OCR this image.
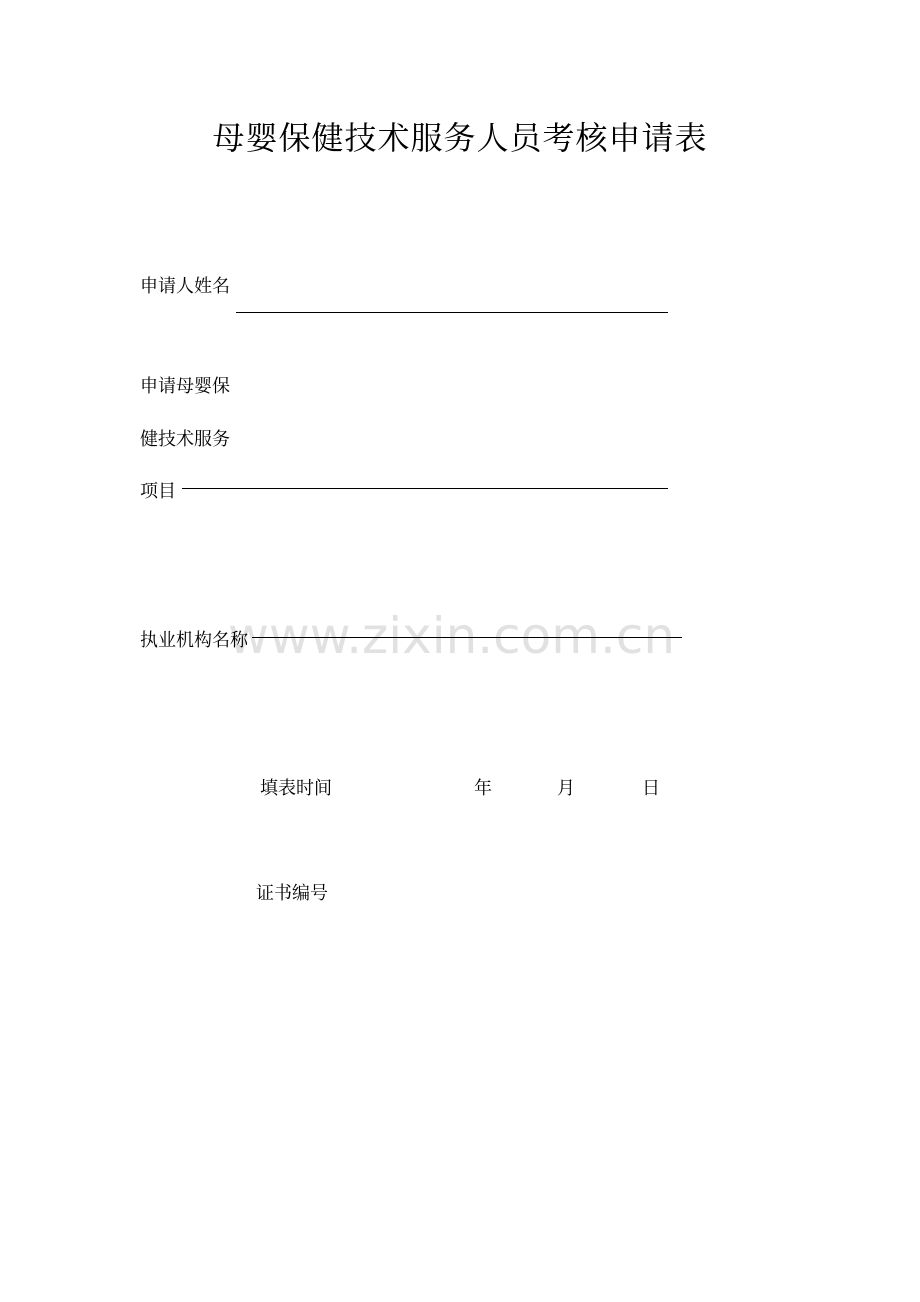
母婴保健技术服务人员考核申请表
申请人姓名
申请母婴保
健技术服务
项目
www.zixin.com.cn
执业机构名称
填表时间	年	月	日
证书编号
